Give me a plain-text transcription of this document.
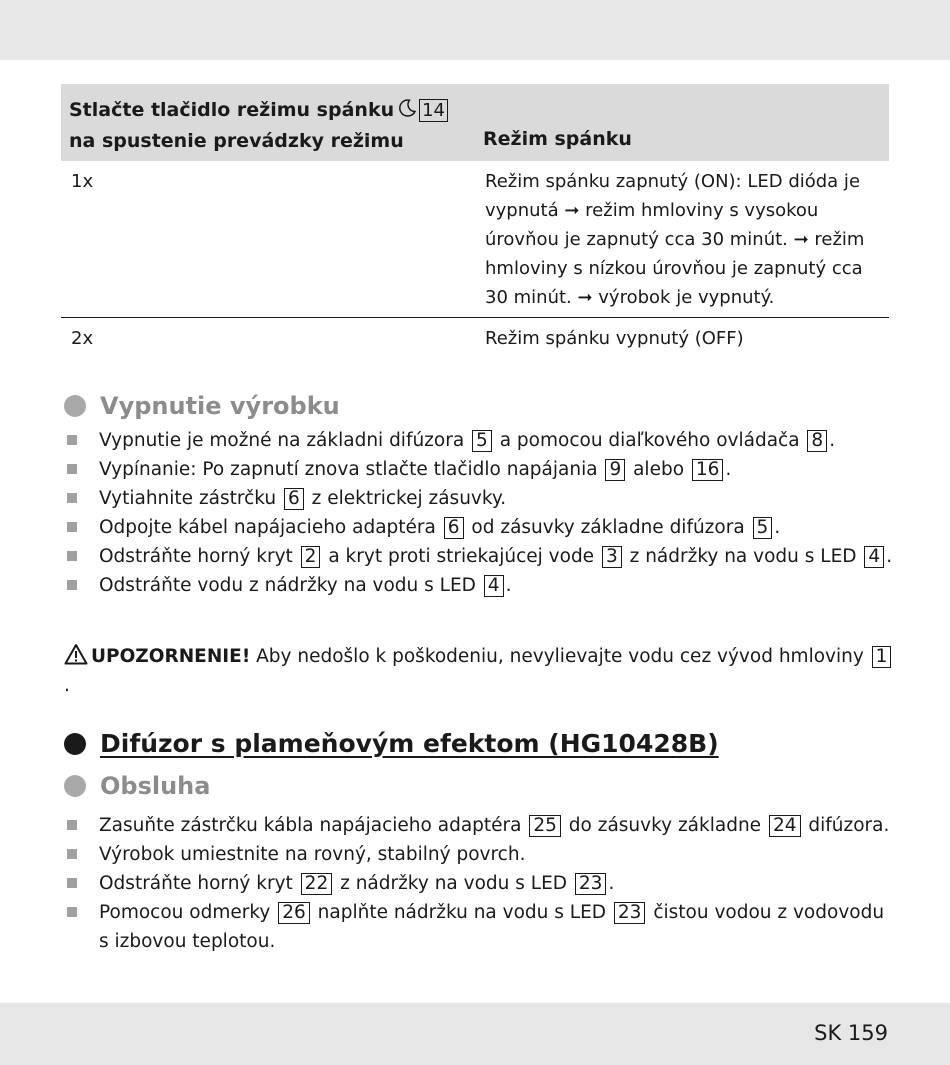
Stlačte tlačidlo režimu spánku 14
na spustenie prevádzky režimu	Režim spánku
1x	Režim spánku zapnutý (ON): LED dióda je vypnutá ➞ režim hmloviny s vysokou úrovňou je zapnutý cca 30 minút. ➞ režim hmloviny s nízkou úrovňou je zapnutý cca 30 minút. ➞ výrobok je vypnutý.
2x	Režim spánku vypnutý (OFF)
Vypnutie výrobku
Vypnutie je možné na základni difúzora 5 a pomocou diaľkového ovládača 8 .
Vypínanie: Po zapnutí znova stlačte tlačidlo napájania 9 alebo 16 .
Vytiahnite zástrčku 6 z elektrickej zásuvky.
Odpojte kábel napájacieho adaptéra 6 od zásuvky základne difúzora 5 .
Odstráňte horný kryt 2 a kryt proti striekajúcej vode 3 z nádržky na vodu s LED 4 .
Odstráňte vodu z nádržky na vodu s LED 4 .
UPOZORNENIE! Aby nedošlo k poškodeniu, nevylievajte vodu cez vývod hmloviny 1.
Difúzor s plameňovým efektom (HG10428B)
Obsluha
Zasuňte zástrčku kábla napájacieho adaptéra 25 do zásuvky základne 24 difúzora.
Výrobok umiestnite na rovný, stabilný povrch.
Odstráňte horný kryt 22 z nádržky na vodu s LED 23 .
Pomocou odmerky 26 naplňte nádržku na vodu s LED 23 čistou vodou z vodovodu s izbovou teplotou.
SK 159
